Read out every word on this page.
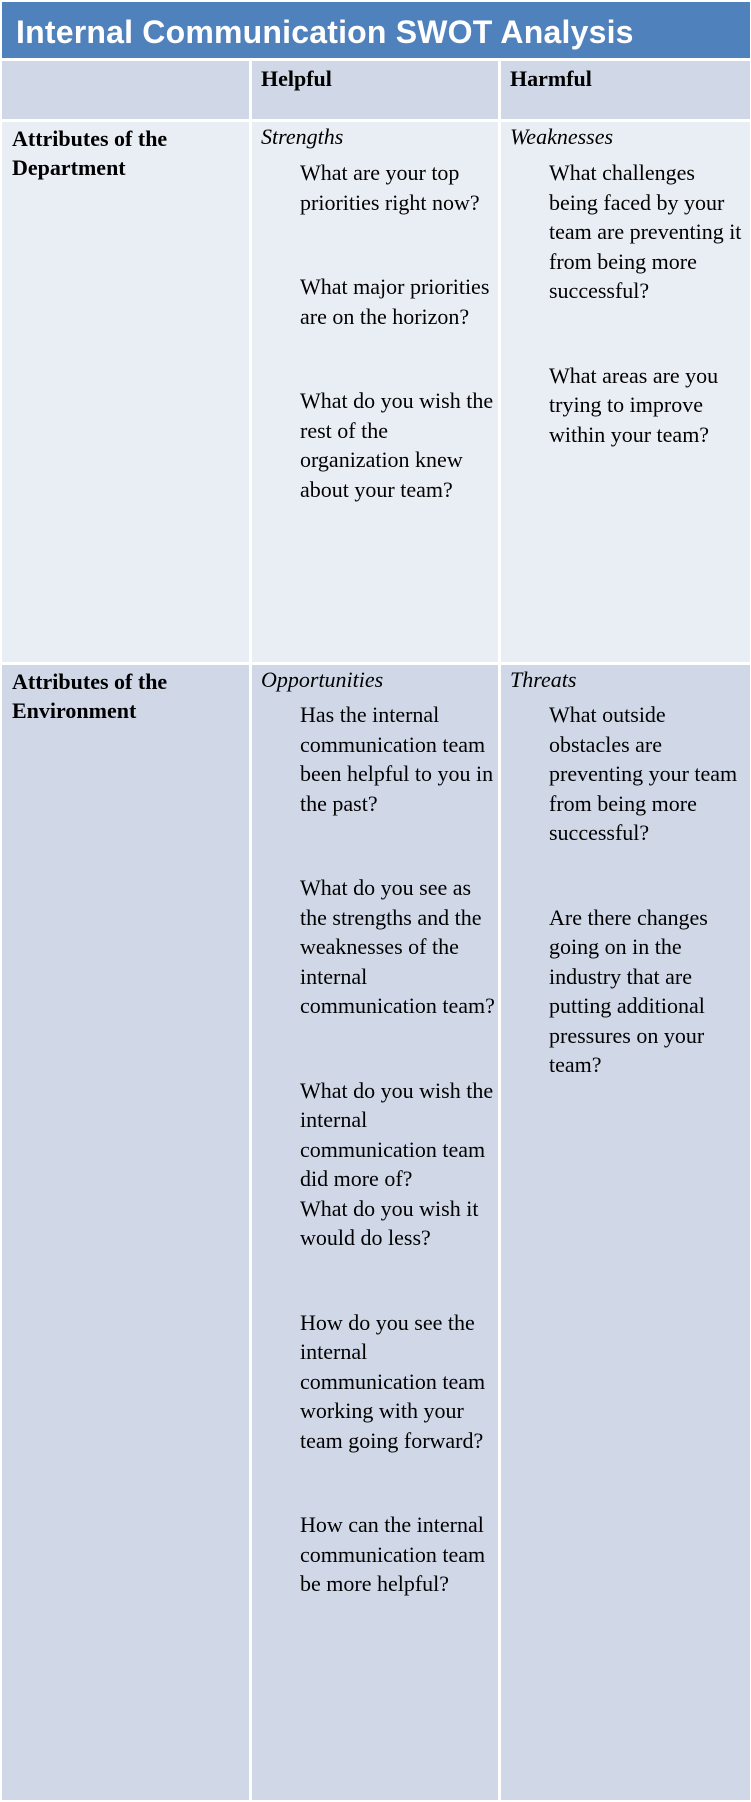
Internal Communication SWOT Analysis
Helpful	Harmful
Attributes of the Department
Strengths
What are your top priorities right now?
What major priorities are on the horizon?
What do you wish the rest of the organization knew about your team?
Weaknesses
What challenges being faced by your team are preventing it from being more successful?
What areas are you trying to improve within your team?
Attributes of the Environment
Opportunities
Has the internal communication team been helpful to you in the past?
What do you see as the strengths and the weaknesses of the internal communication team?
What do you wish the internal communication team did more of?
What do you wish it would do less?
How do you see the internal communication team working with your team going forward?
How can the internal communication team be more helpful?
Threats
What outside obstacles are preventing your team from being more successful?
Are there changes going on in the industry that are putting additional pressures on your team?
